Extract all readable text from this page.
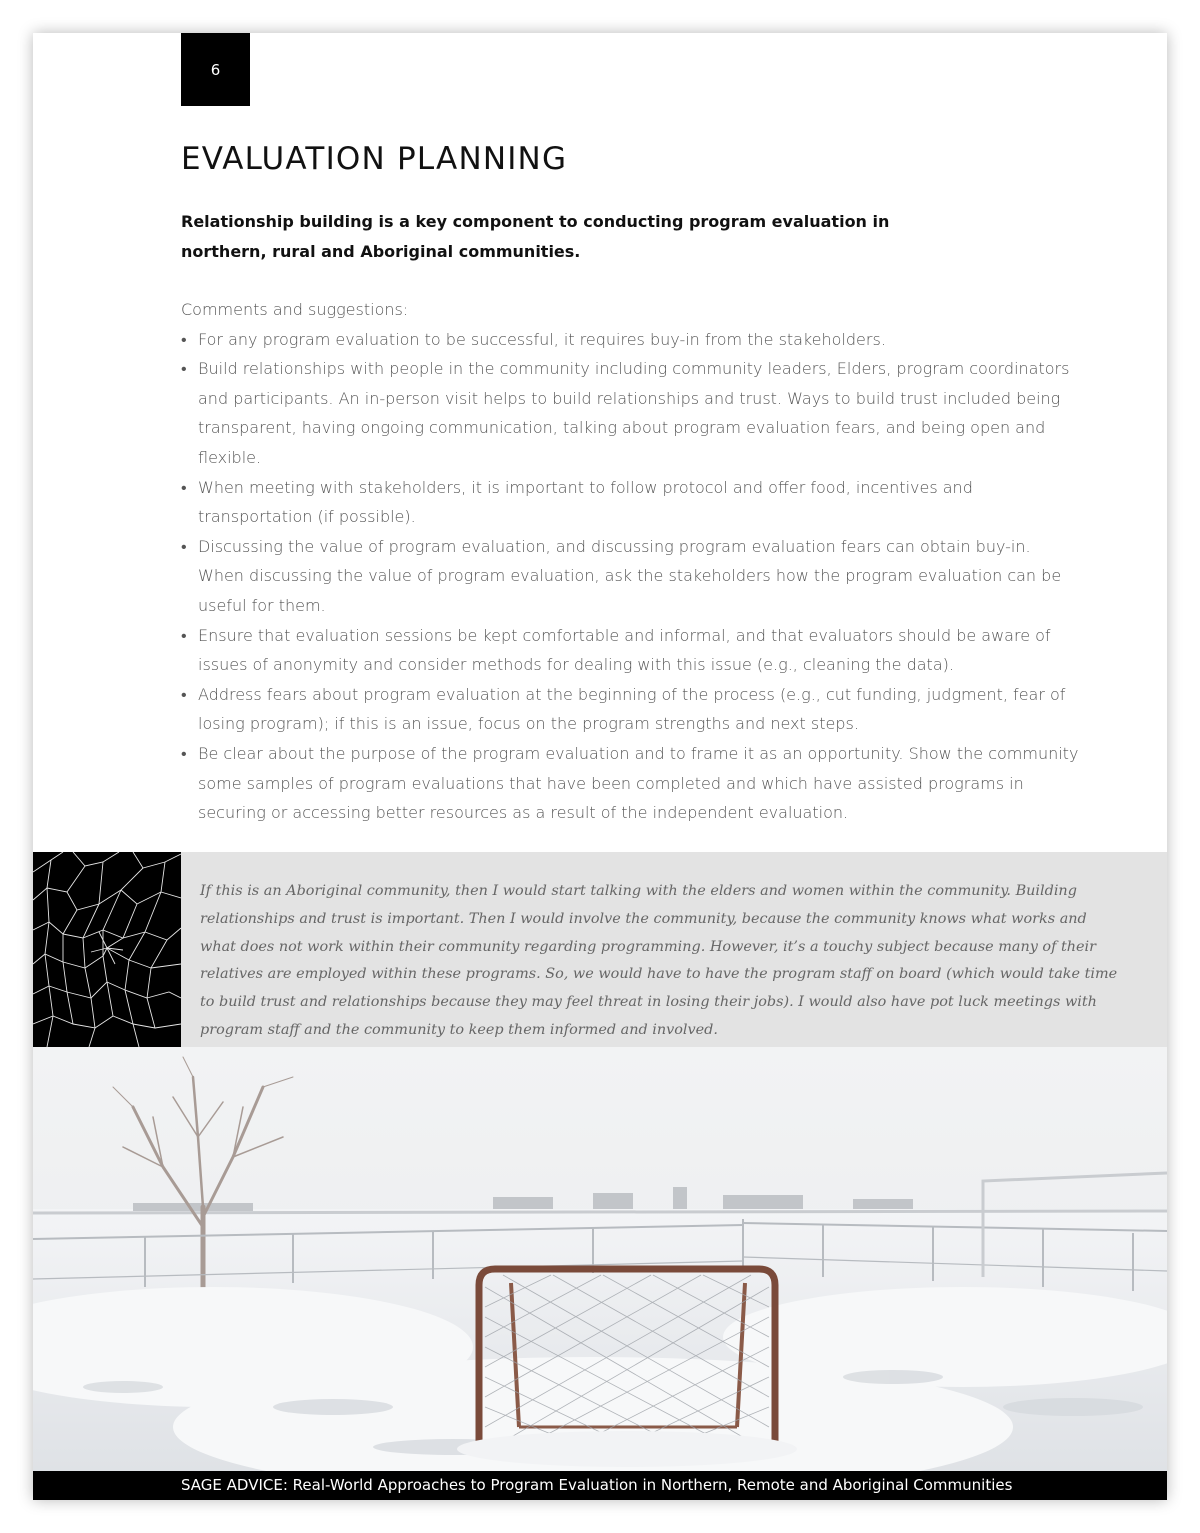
6
EVALUATION PLANNING

Relationship building is a key component to conducting program evaluation in northern, rural and Aboriginal communities.

Comments and suggestions:
• For any program evaluation to be successful, it requires buy-in from the stakeholders.
• Build relationships with people in the community including community leaders, Elders, program coordinators and participants. An in-person visit helps to build relationships and trust. Ways to build trust included being transparent, having ongoing communication, talking about program evaluation fears, and being open and flexible.
• When meeting with stakeholders, it is important to follow protocol and offer food, incentives and transportation (if possible).
• Discussing the value of program evaluation, and discussing program evaluation fears can obtain buy-in. When discussing the value of program evaluation, ask the stakeholders how the program evaluation can be useful for them.
• Ensure that evaluation sessions be kept comfortable and informal, and that evaluators should be aware of issues of anonymity and consider methods for dealing with this issue (e.g., cleaning the data).
• Address fears about program evaluation at the beginning of the process (e.g., cut funding, judgment, fear of losing program); if this is an issue, focus on the program strengths and next steps.
• Be clear about the purpose of the program evaluation and to frame it as an opportunity. Show the community some samples of program evaluations that have been completed and which have assisted programs in securing or accessing better resources as a result of the independent evaluation.

If this is an Aboriginal community, then I would start talking with the elders and women within the community. Building relationships and trust is important. Then I would involve the community, because the community knows what works and what does not work within their community regarding programming. However, it’s a touchy subject because many of their relatives are employed within these programs. So, we would have to have the program staff on board (which would take time to build trust and relationships because they may feel threat in losing their jobs). I would also have pot luck meetings with program staff and the community to keep them informed and involved.

SAGE ADVICE: Real-World Approaches to Program Evaluation in Northern, Remote and Aboriginal Communities
